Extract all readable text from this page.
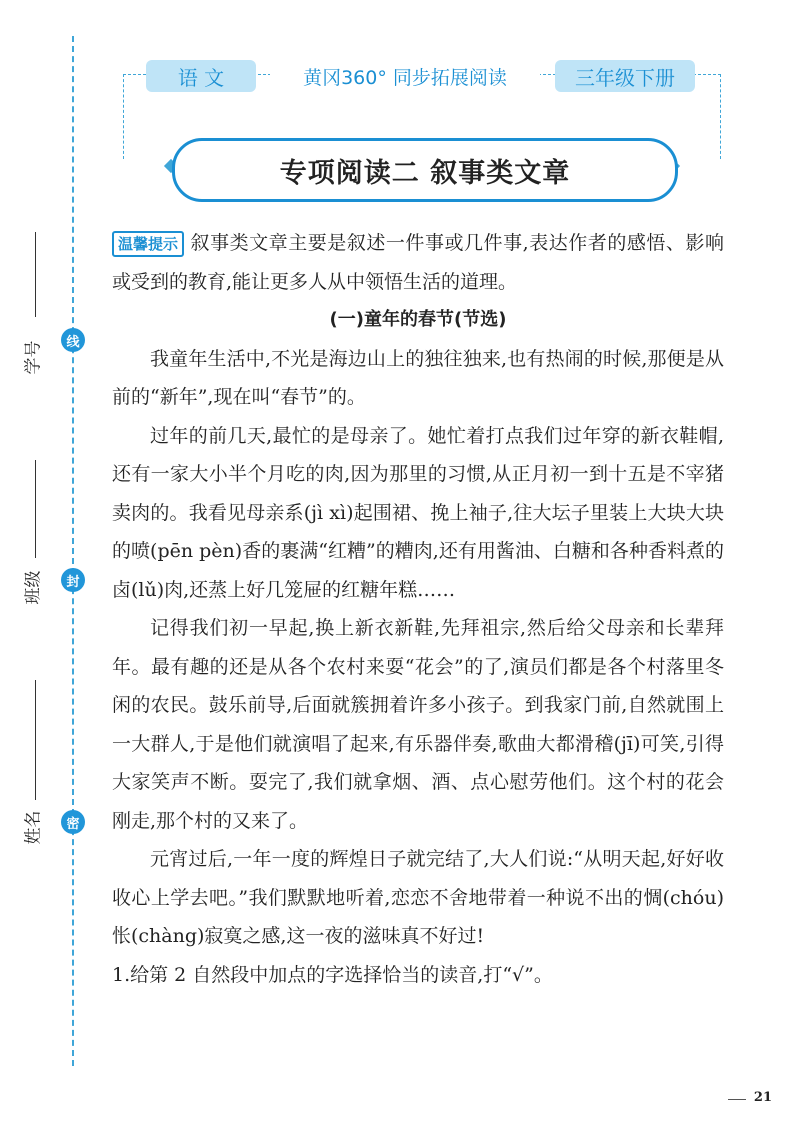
线
封
密
学号
班级
姓名
语 文	黄冈360° 同步拓展阅读	三年级下册
专项阅读二 叙事类文章

温馨提示 叙事类文章主要是叙述一件事或几件事,表达作者的感悟、影响或受到的教育,能让更多人从中领悟生活的道理。

(一)童年的春节(节选)

我童年生活中,不光是海边山上的独往独来,也有热闹的时候,那便是从前的“新年”,现在叫“春节”的。

过年的前几天,最忙的是母亲了。她忙着打点我们过年穿的新衣鞋帽,还有一家大小半个月吃的肉,因为那里的习惯,从正月初一到十五是不宰猪卖肉的。我看见母亲系(jì xì)起围裙、挽上袖子,往大坛子里装上大块大块的喷(pēn pèn)香的裹满“红糟”的糟肉,还有用酱油、白糖和各种香料煮的卤(lǔ)肉,还蒸上好几笼屉的红糖年糕……

记得我们初一早起,换上新衣新鞋,先拜祖宗,然后给父母亲和长辈拜年。最有趣的还是从各个农村来耍“花会”的了,演员们都是各个村落里冬闲的农民。鼓乐前导,后面就簇拥着许多小孩子。到我家门前,自然就围上一大群人,于是他们就演唱了起来,有乐器伴奏,歌曲大都滑稽(jī)可笑,引得大家笑声不断。耍完了,我们就拿烟、酒、点心慰劳他们。这个村的花会刚走,那个村的又来了。

元宵过后,一年一度的辉煌日子就完结了,大人们说:“从明天起,好好收收心上学去吧。”我们默默地听着,恋恋不舍地带着一种说不出的惆(chóu)怅(chàng)寂寞之感,这一夜的滋味真不好过!

1.给第 2 自然段中加点的字选择恰当的读音,打“√”。

21
